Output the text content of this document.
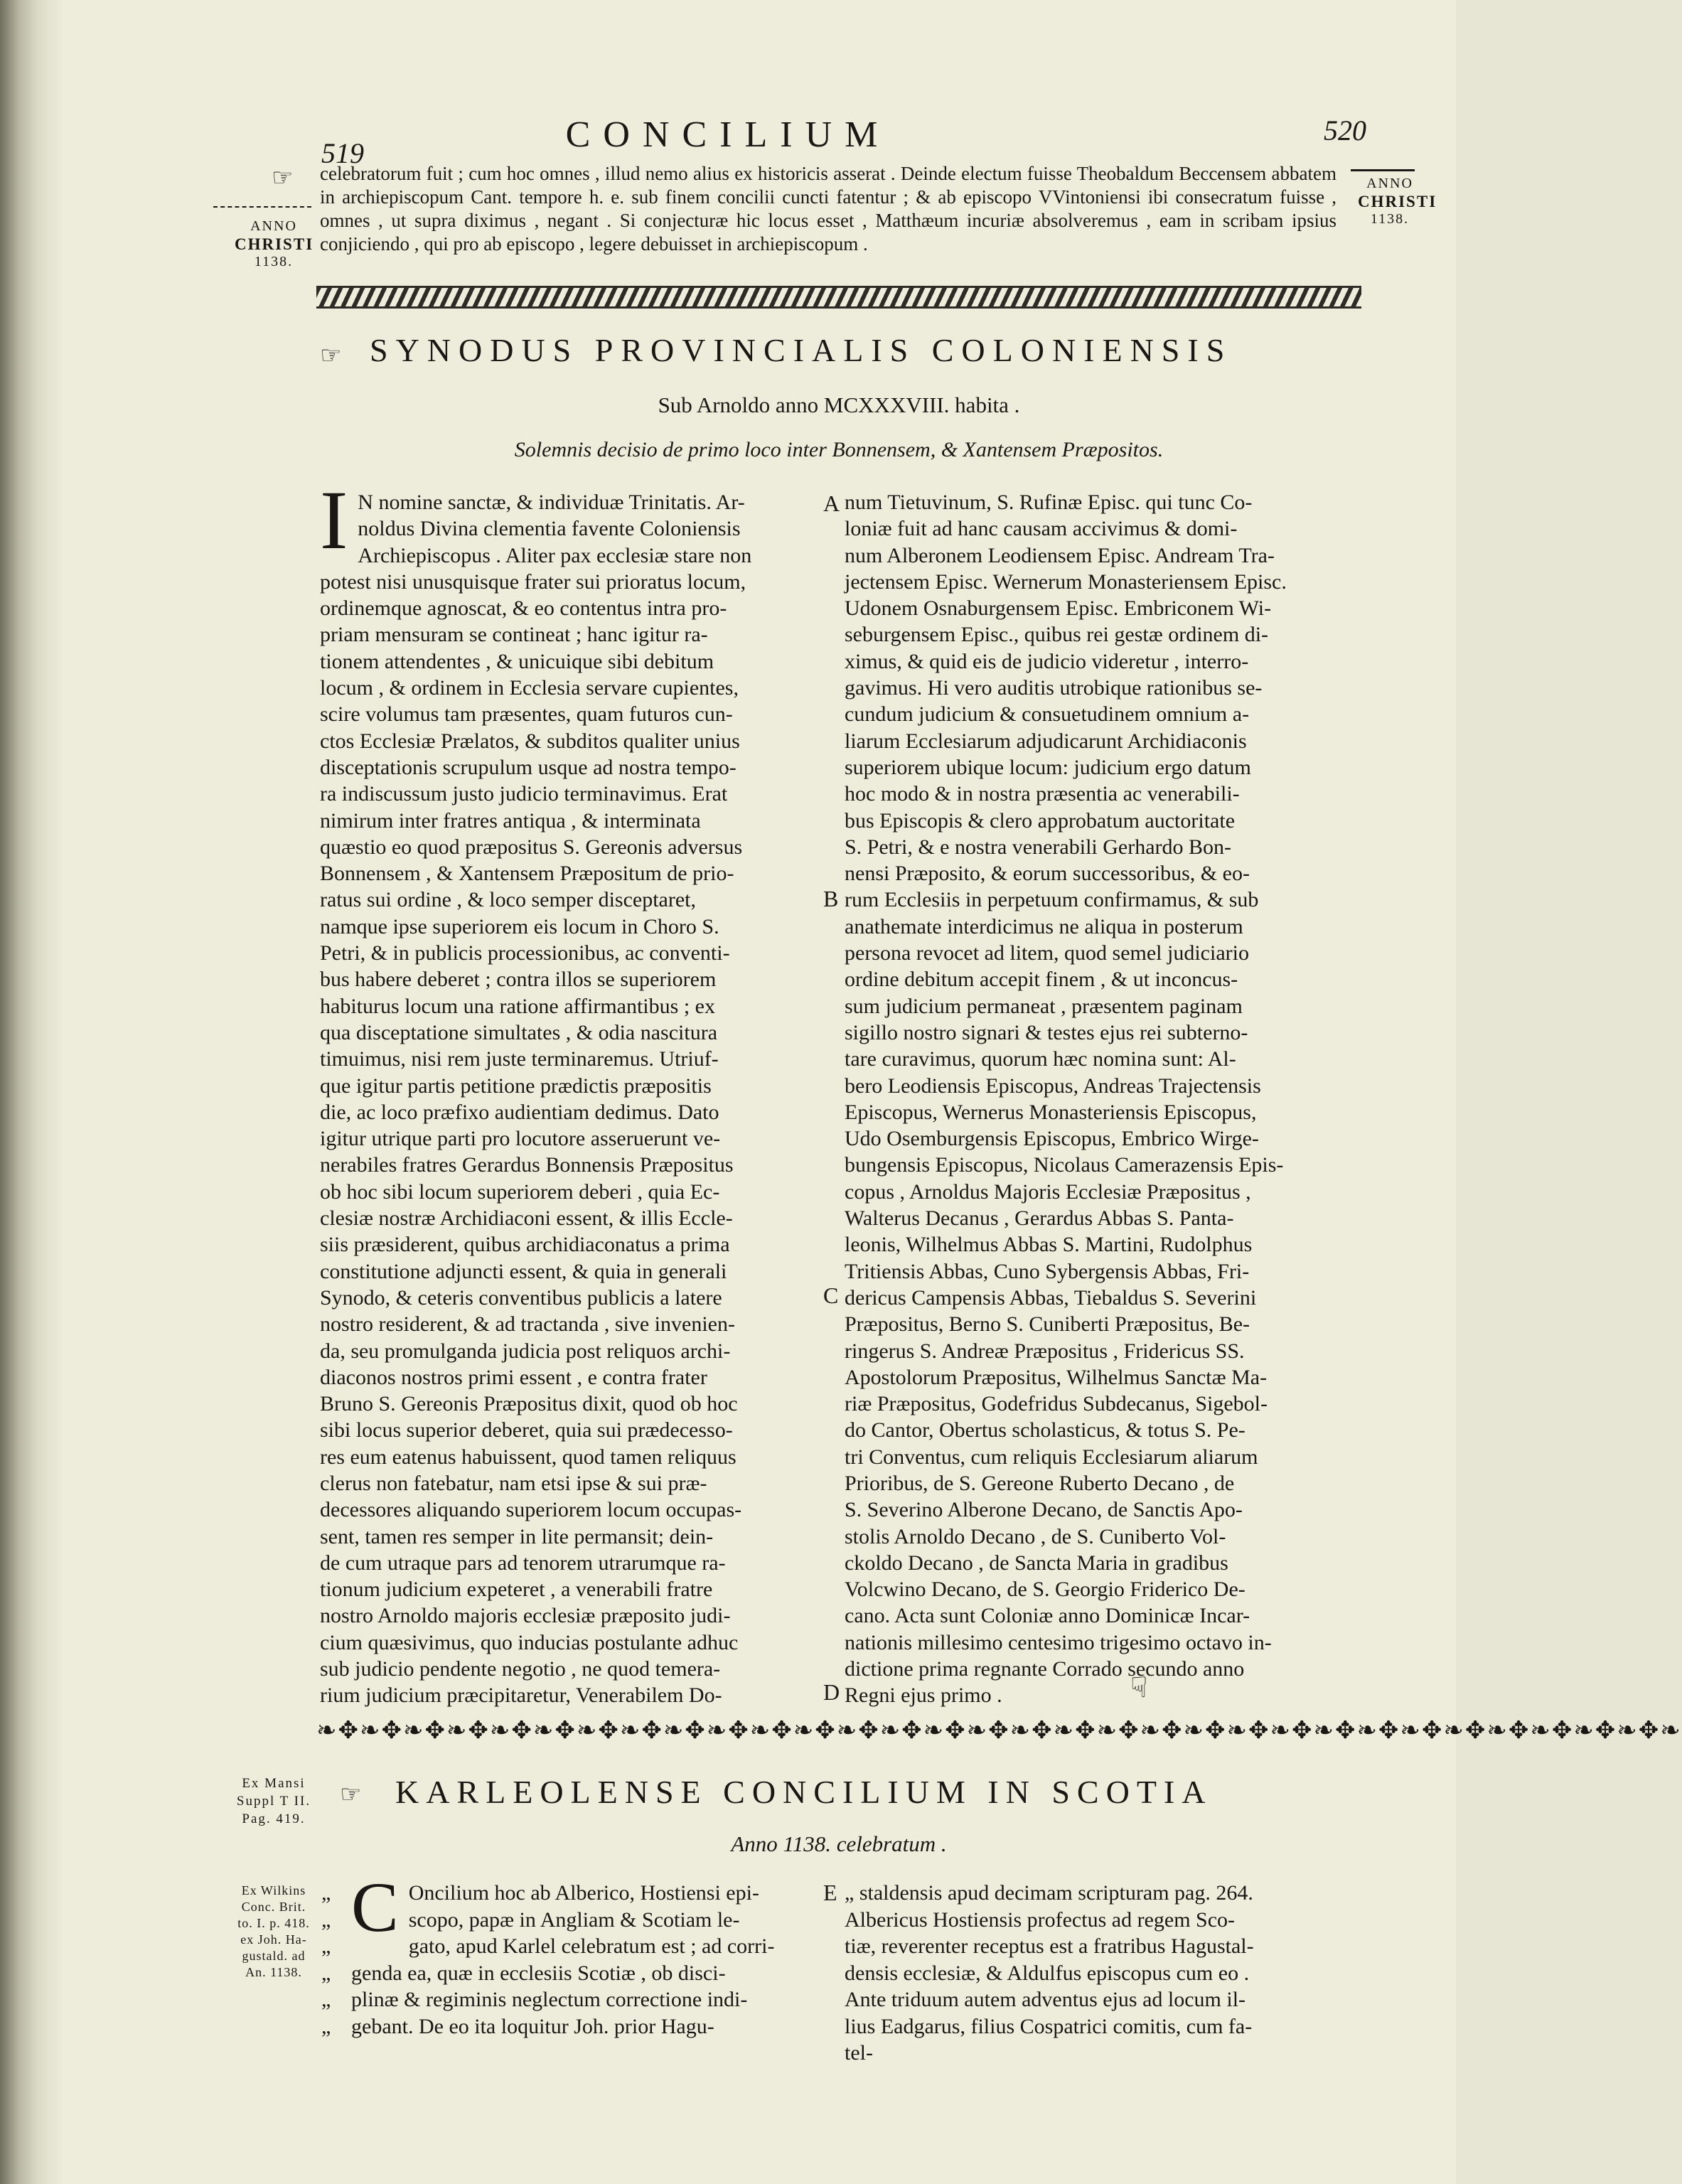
519	CONCILIUM	520
☞
ANNO
CHRISTI
1138.
ANNO
CHRISTI
1138.
celebratorum fuit ; cum hoc omnes , illud nemo alius ex historicis asserat . Deinde electum fuisse Theobaldum Beccensem abbatem in archiepiscopum Cant. tempore h. e. sub finem concilii cuncti fatentur ; & ab episcopo VVintoniensi ibi consecratum fuisse , omnes , ut supra diximus , negant . Si conjecturæ hic locus esset , Matthæum incuriæ absolveremus , eam in scribam ipsius conjiciendo , qui pro ab episcopo , legere debuisset in archiepiscopum .
☞ SYNODUS PROVINCIALIS COLONIENSIS
Sub Arnoldo anno MCXXXVIII. habita .
Solemnis decisio de primo loco inter Bonnensem, & Xantensem Præpositos.
I N nomine sanctæ, & individuæ Trinitatis. Ar-
noldus Divina clementia favente Coloniensis
Archiepiscopus . Aliter pax ecclesiæ stare non
potest nisi unusquisque frater sui prioratus locum,
ordinemque agnoscat, & eo contentus intra pro-
priam mensuram se contineat ; hanc igitur ra-
tionem attendentes , & unicuique sibi debitum
locum , & ordinem in Ecclesia servare cupientes,
scire volumus tam præsentes, quam futuros cun-
ctos Ecclesiæ Prælatos, & subditos qualiter unius
disceptationis scrupulum usque ad nostra tempo-
ra indiscussum justo judicio terminavimus. Erat
nimirum inter fratres antiqua , & interminata
quæstio eo quod præpositus S. Gereonis adversus
Bonnensem , & Xantensem Præpositum de prio-
ratus sui ordine , & loco semper disceptaret,
namque ipse superiorem eis locum in Choro S.
Petri, & in publicis processionibus, ac conventi-
bus habere deberet ; contra illos se superiorem
habiturus locum una ratione affirmantibus ; ex
qua disceptatione simultates , & odia nascitura
timuimus, nisi rem juste terminaremus. Utriuf-
que igitur partis petitione prædictis præpositis
die, ac loco præfixo audientiam dedimus. Dato
igitur utrique parti pro locutore asseruerunt ve-
nerabiles fratres Gerardus Bonnensis Præpositus
ob hoc sibi locum superiorem deberi , quia Ec-
clesiæ nostræ Archidiaconi essent, & illis Eccle-
siis præsiderent, quibus archidiaconatus a prima
constitutione adjuncti essent, & quia in generali
Synodo, & ceteris conventibus publicis a latere
nostro residerent, & ad tractanda , sive invenien-
da, seu promulganda judicia post reliquos archi-
diaconos nostros primi essent , e contra frater
Bruno S. Gereonis Præpositus dixit, quod ob hoc
sibi locus superior deberet, quia sui prædecesso-
res eum eatenus habuissent, quod tamen reliquus
clerus non fatebatur, nam etsi ipse & sui præ-
decessores aliquando superiorem locum occupas-
sent, tamen res semper in lite permansit; dein-
de cum utraque pars ad tenorem utrarumque ra-
tionum judicium expeteret , a venerabili fratre
nostro Arnoldo majoris ecclesiæ præposito judi-
cium quæsivimus, quo inducias postulante adhuc
sub judicio pendente negotio , ne quod temera-
rium judicium præcipitaretur, Venerabilem Do-
A
B
C
D
num Tietuvinum, S. Rufinæ Episc. qui tunc Co-
loniæ fuit ad hanc causam accivimus & domi-
num Alberonem Leodiensem Episc. Andream Tra-
jectensem Episc. Wernerum Monasteriensem Episc.
Udonem Osnaburgensem Episc. Embriconem Wi-
seburgensem Episc., quibus rei gestæ ordinem di-
ximus, & quid eis de judicio videretur , interro-
gavimus. Hi vero auditis utrobique rationibus se-
cundum judicium & consuetudinem omnium a-
liarum Ecclesiarum adjudicarunt Archidiaconis
superiorem ubique locum: judicium ergo datum
hoc modo & in nostra præsentia ac venerabili-
bus Episcopis & clero approbatum auctoritate
S. Petri, & e nostra venerabili Gerhardo Bon-
nensi Præposito, & eorum successoribus, & eo-
rum Ecclesiis in perpetuum confirmamus, & sub
anathemate interdicimus ne aliqua in posterum
persona revocet ad litem, quod semel judiciario
ordine debitum accepit finem , & ut inconcus-
sum judicium permaneat , præsentem paginam
sigillo nostro signari & testes ejus rei subterno-
tare curavimus, quorum hæc nomina sunt: Al-
bero Leodiensis Episcopus, Andreas Trajectensis
Episcopus, Wernerus Monasteriensis Episcopus,
Udo Osemburgensis Episcopus, Embrico Wirge-
bungensis Episcopus, Nicolaus Camerazensis Epis-
copus , Arnoldus Majoris Ecclesiæ Præpositus ,
Walterus Decanus , Gerardus Abbas S. Panta-
leonis, Wilhelmus Abbas S. Martini, Rudolphus
Tritiensis Abbas, Cuno Sybergensis Abbas, Fri-
dericus Campensis Abbas, Tiebaldus S. Severini
Præpositus, Berno S. Cuniberti Præpositus, Be-
ringerus S. Andreæ Præpositus , Fridericus SS.
Apostolorum Præpositus, Wilhelmus Sanctæ Ma-
riæ Præpositus, Godefridus Subdecanus, Sigebol-
do Cantor, Obertus scholasticus, & totus S. Pe-
tri Conventus, cum reliquis Ecclesiarum aliarum
Prioribus, de S. Gereone Ruberto Decano , de
S. Severino Alberone Decano, de Sanctis Apo-
stolis Arnoldo Decano , de S. Cuniberto Vol-
ckoldo Decano , de Sancta Maria in gradibus
Volcwino Decano, de S. Georgio Friderico De-
cano. Acta sunt Coloniæ anno Dominicæ Incar-
nationis millesimo centesimo trigesimo octavo in-
dictione prima regnante Corrado secundo anno
Regni ejus primo .	☟
❧✥❧✥❧✥❧✥❧✥❧✥❧✥❧✥❧✥❧✥❧✥❧✥❧✥❧✥❧✥❧✥❧✥❧✥❧✥❧✥❧✥❧✥❧✥❧✥❧✥❧✥❧✥❧✥❧✥❧✥❧✥❧
Ex Mansi
Suppl T II.
Pag. 419.
☞ KARLEOLENSE CONCILIUM IN SCOTIA
Anno 1138. celebratum .
Ex Wilkins
Conc. Brit.
to. I. p. 418.
ex Joh. Ha-
gustald. ad
An. 1138.
„
„
„
„
„
„
C Oncilium hoc ab Alberico, Hostiensi epi-
scopo, papæ in Angliam & Scotiam le-
gato, apud Karlel celebratum est ; ad corri-
genda ea, quæ in ecclesiis Scotiæ , ob disci-
plinæ & regiminis neglectum correctione indi-
gebant. De eo ita loquitur Joh. prior Hagu-
E „ staldensis apud decimam scripturam pag. 264.
Albericus Hostiensis profectus ad regem Sco-
tiæ, reverenter receptus est a fratribus Hagustal-
densis ecclesiæ, & Aldulfus episcopus cum eo .
Ante triduum autem adventus ejus ad locum il-
lius Eadgarus, filius Cospatrici comitis, cum fa-
tel-
